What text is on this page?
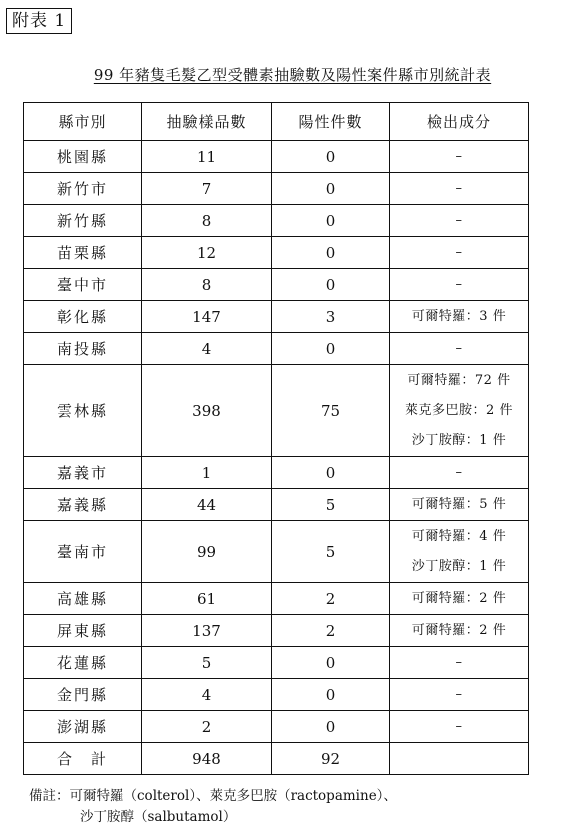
附表 1
99 年豬隻毛髮乙型受體素抽驗數及陽性案件縣市別統計表
縣市別	抽驗樣品數	陽性件數	檢出成分
桃園縣	11	0	–

新竹市	7	0	–

新竹縣	8	0	–

苗栗縣	12	0	–

臺中市	8	0	–

彰化縣	147	3	可爾特羅：3 件

南投縣	4	0	–

雲林縣	398	75	可爾特羅：72 件
萊克多巴胺：2 件
沙丁胺醇：1 件

嘉義市	1	0	–

嘉義縣	44	5	可爾特羅：5 件

臺南市	99	5	可爾特羅：4 件
沙丁胺醇：1 件

高雄縣	61	2	可爾特羅：2 件

屏東縣	137	2	可爾特羅：2 件

花蓮縣	5	0	–

金門縣	4	0	–

澎湖縣	2	0	–

合　計	948	92	
備註：可爾特羅（colterol）、萊克多巴胺（ractopamine）、
沙丁胺醇（salbutamol）
